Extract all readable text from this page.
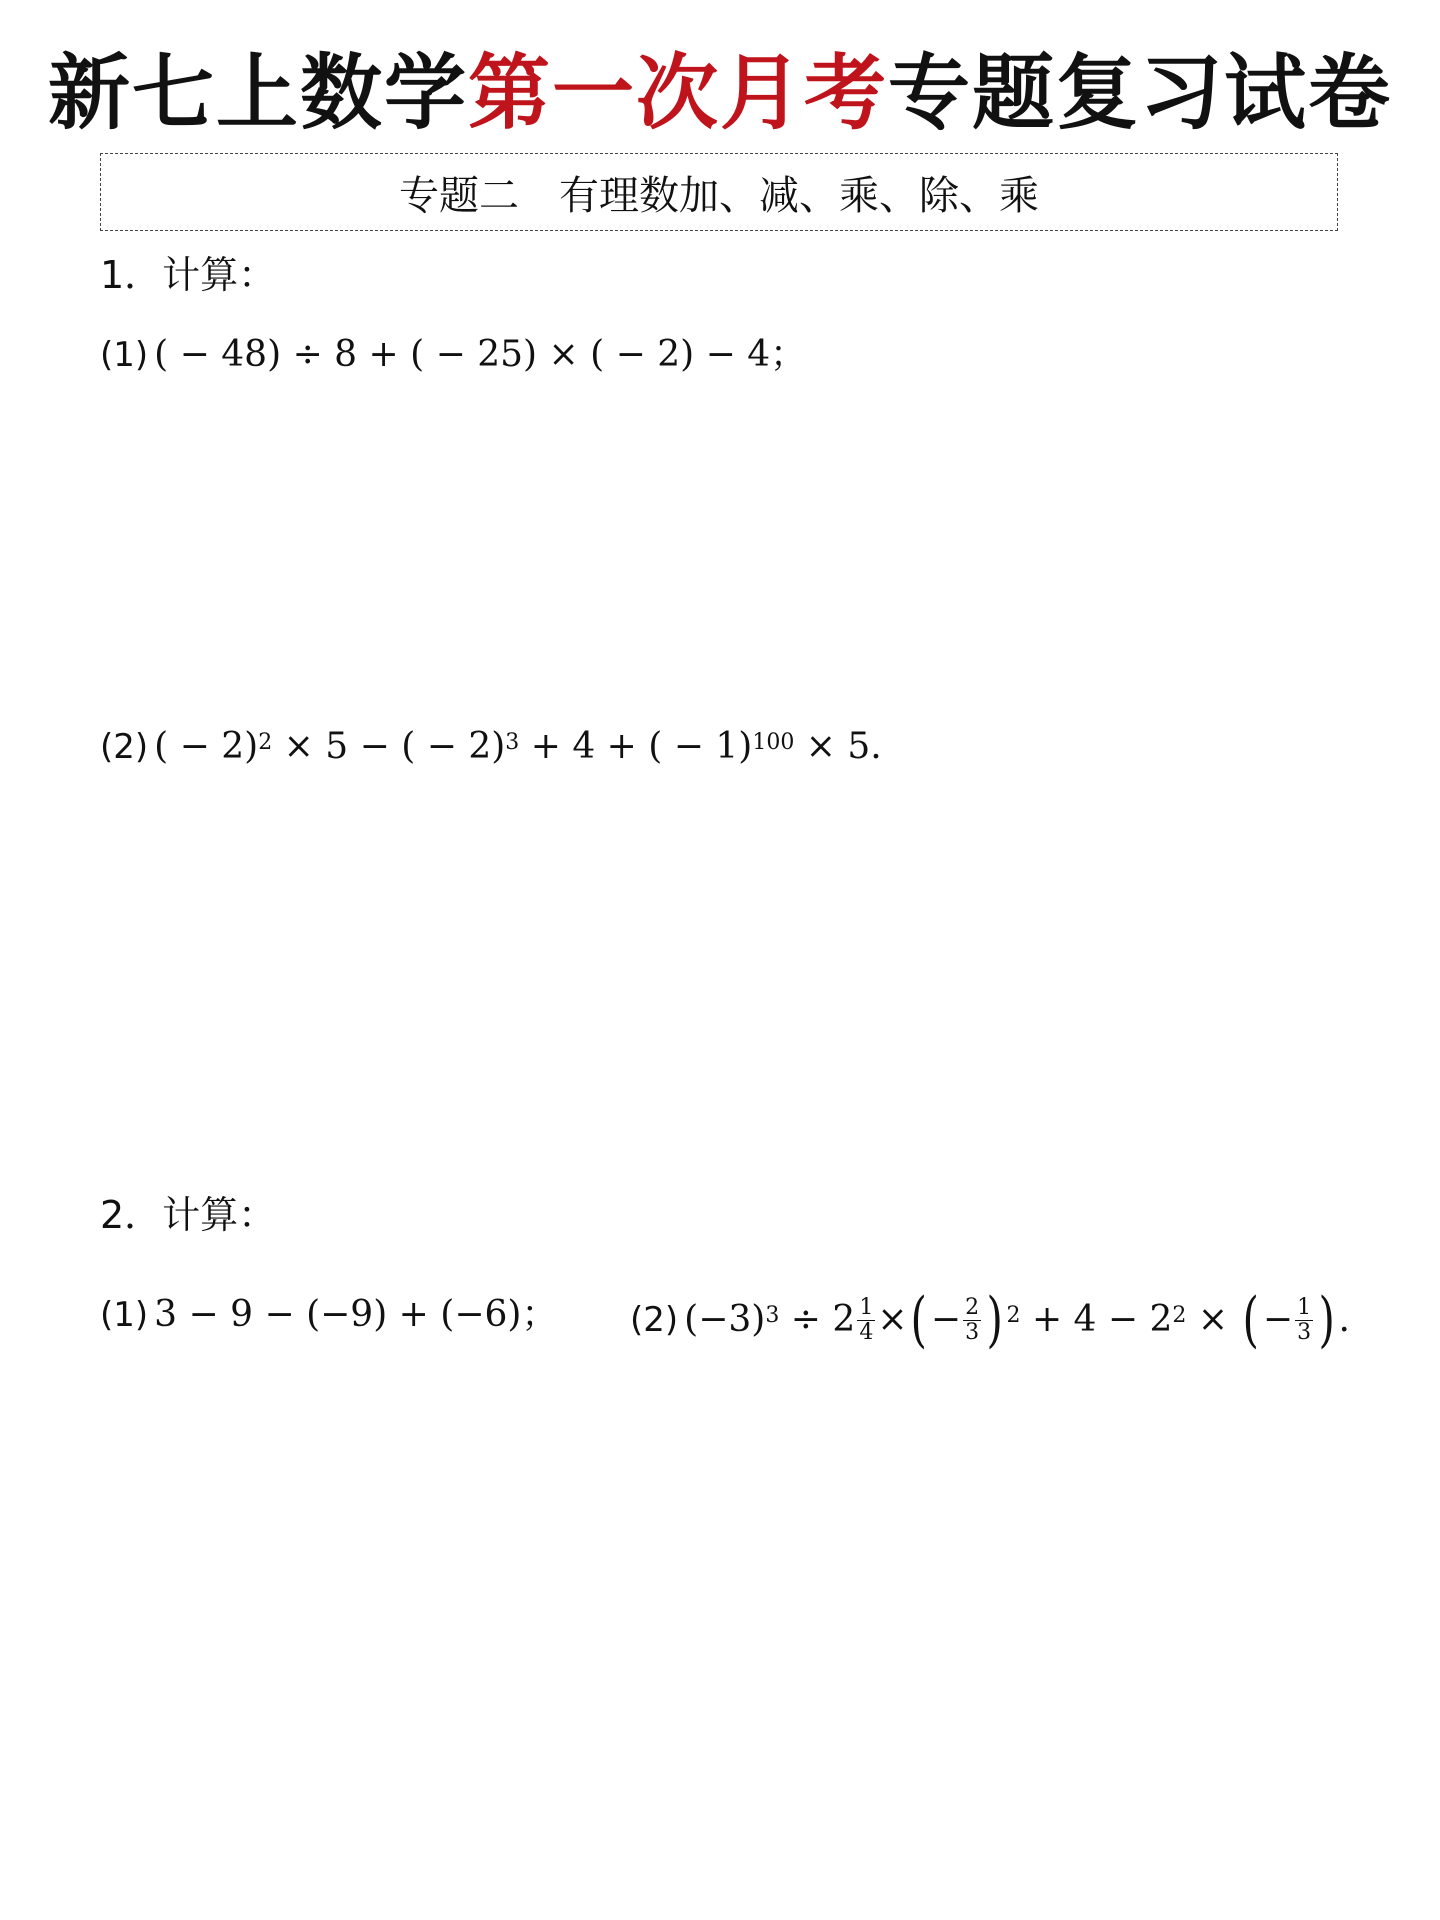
新七上数学第一次月考专题复习试卷
专题二　有理数加、减、乘、除、乘
1．计算：
(1) ( − 48) ÷ 8 + ( − 25) × ( − 2) − 4；
(2) ( − 2)$^2$ × 5 − ( − 2)$^3$ + 4 + ( − 1)$^{100}$ × 5.
2．计算：
(1) 3 − 9 − (−9) + (−6)； (2) $(-3)^3 \div 2 \frac{1}{4}$ × ( − $\frac{2}{3} )^2 + 4 - 2^2$ × ( − $\frac{1}{3}$ ) .
